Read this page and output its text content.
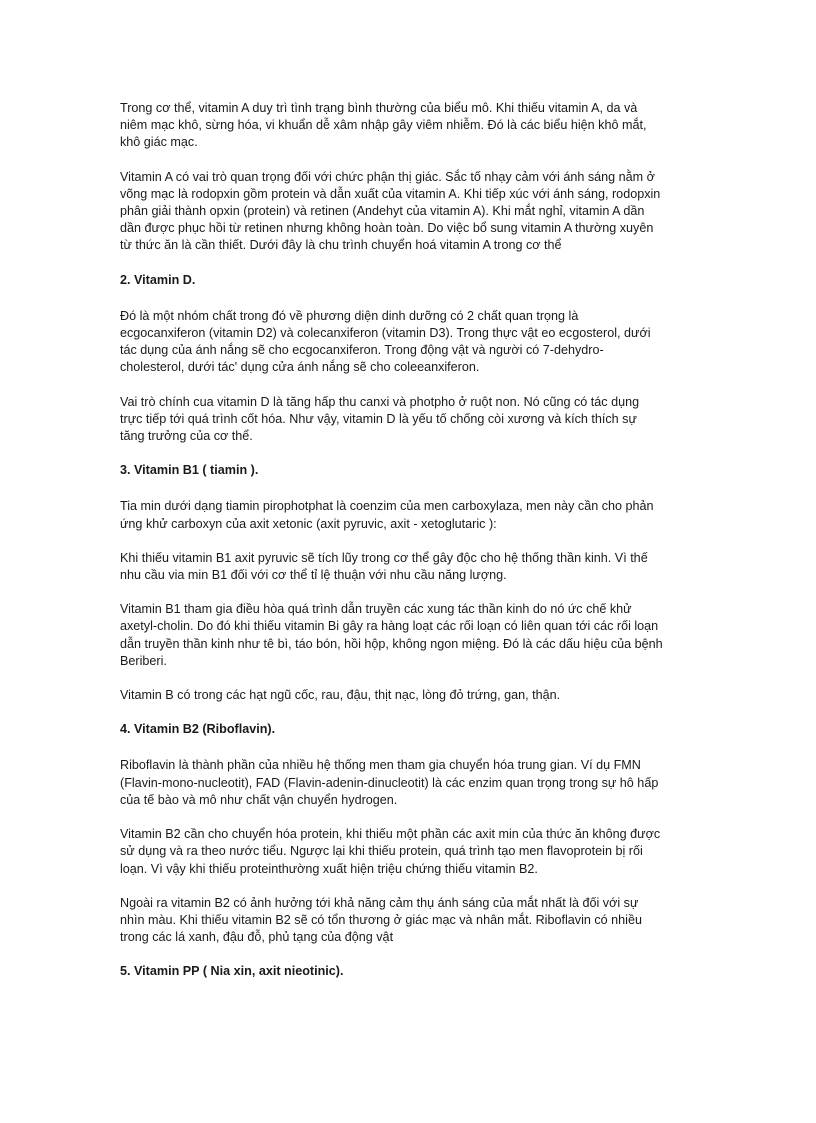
Trong cơ thể, vitamin A duy trì tình trạng bình thường của biểu mô. Khi thiếu vitamin A, da và
niêm mạc khô, sừng hóa, vi khuẩn dễ xâm nhập gây viêm nhiễm. Đó là các biểu hiện khô mắt,
khô giác mạc.

Vitamin A có vai trò quan trọng đối với chức phận thị giác. Sắc tố nhạy cảm với ánh sáng nằm ở
võng mạc là rodopxin gồm protein và dẫn xuất của vitamin A. Khi tiếp xúc với ánh sáng, rodopxin
phân giải thành opxin (protein) và retinen (Andehyt của vitamin A). Khi mắt nghỉ, vitamin A dần
dần được phục hồi từ retinen nhưng không hoàn toàn. Do việc bổ sung vitamin A thường xuyên
từ thức ăn là cần thiết. Dưới đây là chu trình chuyển hoá vitamin A trong cơ thể

2. Vitamin D.

Đó là một nhóm chất trong đó về phương diện dinh dưỡng có 2 chất quan trọng là
ecgocanxiferon (vitamin D2) và colecanxiferon (vitamin D3). Trong thực vật eo ecgosterol, dưới
tác dụng của ánh nắng sẽ cho ecgocanxiferon. Trong động vật và người có 7-dehydro-
cholesterol, dưới tác' dụng cửa ánh nắng sẽ cho coleeanxiferon.

Vai trò chính cua vitamin D là tăng hấp thu canxi và photpho ở ruột non. Nó cũng có tác dụng
trực tiếp tới quá trình cốt hóa. Như vậy, vitamin D là yếu tố chống còi xương và kích thích sự
tăng trưởng của cơ thể.

3. Vitamin B1 ( tiamin ).

Tia min dưới dạng tiamin pirophotphat là coenzim của men carboxylaza, men này cần cho phản
ứng khử carboxyn của axit xetonic (axit pyruvic, axit - xetoglutaric ):

Khi thiếu vitamin B1 axit pyruvic sẽ tích lũy trong cơ thể gây độc cho hệ thống thần kinh. Vì thế
nhu cầu via min B1 đối với cơ thể tỉ lệ thuận với nhu cầu năng lượng.

Vitamin B1 tham gia điều hòa quá trình dẫn truyền các xung tác thần kinh do nó ức chế khử
axetyl-cholin. Do đó khi thiếu vitamin Bi gây ra hàng loạt các rối loạn có liên quan tới các rối loạn
dẫn truyền thần kinh như tê bì, táo bón, hồi hộp, không ngon miệng. Đó là các dấu hiệu của bệnh
Beriberi.

Vitamin B có trong các hạt ngũ cốc, rau, đậu, thịt nạc, lòng đỏ trứng, gan, thận.

4. Vitamin B2 (Riboflavin).

Riboflavin là thành phần của nhiều hệ thống men tham gia chuyển hóa trung gian. Ví dụ FMN
(Flavin-mono-nucleotit), FAD (Flavin-adenin-dinucleotit) là các enzim quan trọng trong sự hô hấp
của tế bào và mô như chất vận chuyển hydrogen.

Vitamin B2 cần cho chuyển hóa protein, khi thiếu một phần các axit min của thức ăn không được
sử dụng và ra theo nước tiểu. Ngược lại khi thiếu protein, quá trình tạo men flavoprotein bị rối
loạn. Vì vậy khi thiếu proteinthường xuất hiện triệu chứng thiếu vitamin B2.

Ngoài ra vitamin B2 có ảnh hưởng tới khả năng cảm thụ ánh sáng của mắt nhất là đối với sự
nhìn màu. Khi thiếu vitamin B2 sẽ có tổn thương ở giác mạc và nhân mắt. Riboflavin có nhiều
trong các lá xanh, đậu đỗ, phủ tạng của động vật

5. Vitamin PP ( Nia xin, axit nieotinic).
